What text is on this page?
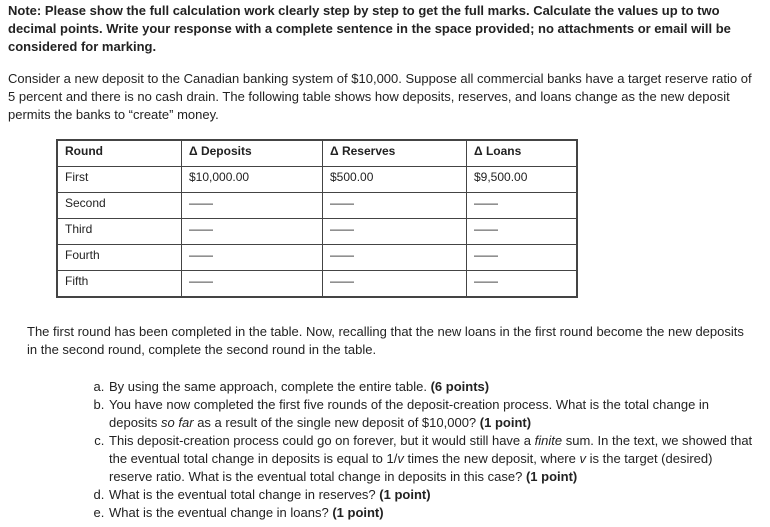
Note: Please show the full calculation work clearly step by step to get the full marks. Calculate the values up to two decimal points. Write your response with a complete sentence in the space provided; no attachments or email will be considered for marking.
Consider a new deposit to the Canadian banking system of $10,000. Suppose all commercial banks have a target reserve ratio of 5 percent and there is no cash drain. The following table shows how deposits, reserves, and loans change as the new deposit permits the banks to “create” money.
Round	Δ Deposits	Δ Reserves	Δ Loans
First	$10,000.00	$500.00	$9,500.00
Second	——	——	——
Third	——	——	——
Fourth	——	——	——
Fifth	——	——	——
The first round has been completed in the table. Now, recalling that the new loans in the first round become the new deposits in the second round, complete the second round in the table.
a. By using the same approach, complete the entire table. (6 points)
b. You have now completed the first five rounds of the deposit-creation process. What is the total change in deposits so far as a result of the single new deposit of $10,000? (1 point)
c. This deposit-creation process could go on forever, but it would still have a finite sum. In the text, we showed that the eventual total change in deposits is equal to 1/v times the new deposit, where v is the target (desired) reserve ratio. What is the eventual total change in deposits in this case? (1 point)
d. What is the eventual total change in reserves? (1 point)
e. What is the eventual change in loans? (1 point)
